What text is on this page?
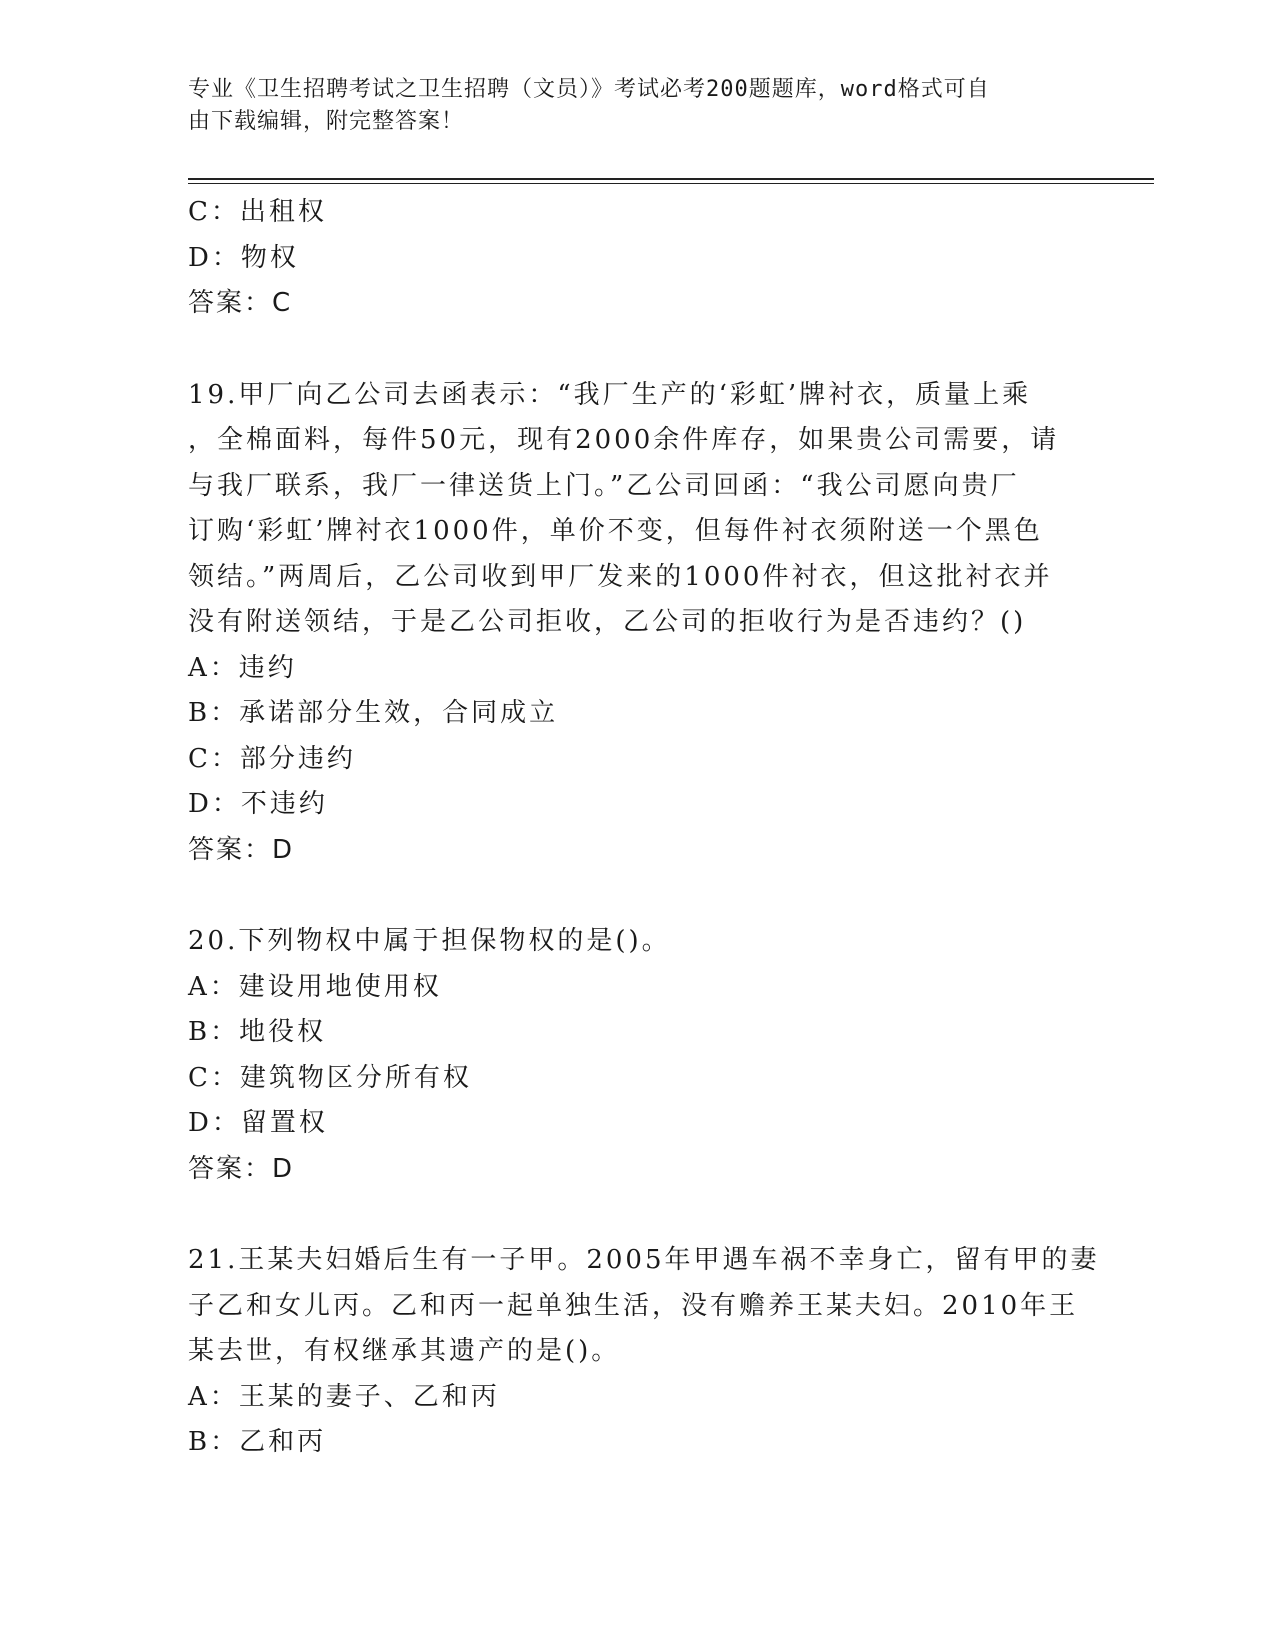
专业《卫生招聘考试之卫生招聘（文员）》考试必考200题题库，word格式可自
由下载编辑，附完整答案！

C：出租权

D：物权

答案：C

19.甲厂向乙公司去函表示：“我厂生产的‘彩虹’牌衬衣，质量上乘

，全棉面料，每件50元，现有2000余件库存，如果贵公司需要，请

与我厂联系，我厂一律送货上门。”乙公司回函：“我公司愿向贵厂

订购‘彩虹’牌衬衣1000件，单价不变，但每件衬衣须附送一个黑色

领结。”两周后，乙公司收到甲厂发来的1000件衬衣，但这批衬衣并

没有附送领结，于是乙公司拒收，乙公司的拒收行为是否违约？()

A：违约

B：承诺部分生效，合同成立

C：部分违约

D：不违约

答案：D

20.下列物权中属于担保物权的是()。

A：建设用地使用权

B：地役权

C：建筑物区分所有权

D：留置权

答案：D

21.王某夫妇婚后生有一子甲。2005年甲遇车祸不幸身亡，留有甲的妻

子乙和女儿丙。乙和丙一起单独生活，没有赡养王某夫妇。2010年王

某去世，有权继承其遗产的是()。

A：王某的妻子、乙和丙

B：乙和丙
